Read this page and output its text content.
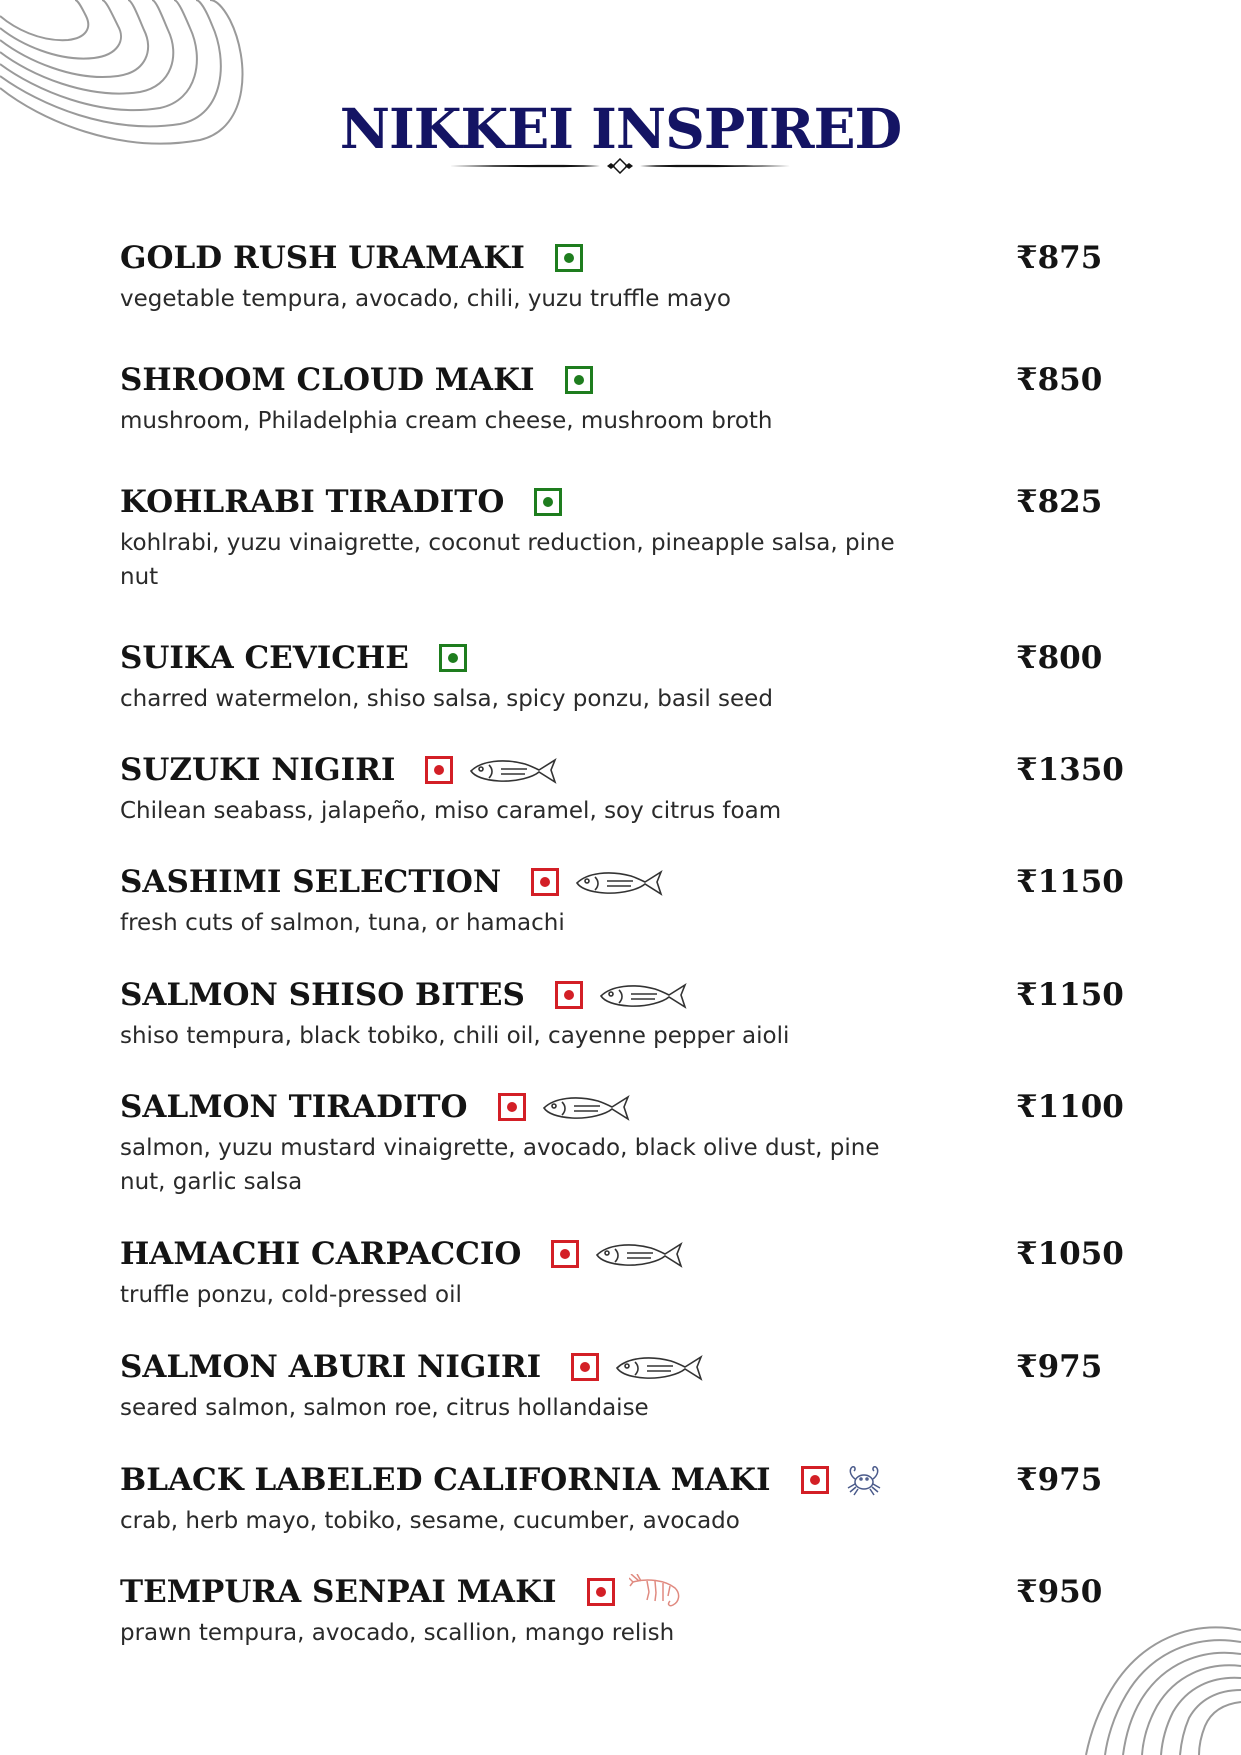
NIKKEI INSPIRED
GOLD RUSH URAMAKI
vegetable tempura, avocado, chili, yuzu truffle mayo
₹875
SHROOM CLOUD MAKI
mushroom, Philadelphia cream cheese, mushroom broth
₹850
KOHLRABI TIRADITO
kohlrabi, yuzu vinaigrette, coconut reduction, pineapple salsa, pine nut
₹825
SUIKA CEVICHE
charred watermelon, shiso salsa, spicy ponzu, basil seed
₹800
SUZUKI NIGIRI
Chilean seabass, jalapeño, miso caramel, soy citrus foam
₹1350
SASHIMI SELECTION
fresh cuts of salmon, tuna, or hamachi
₹1150
SALMON SHISO BITES
shiso tempura, black tobiko, chili oil, cayenne pepper aioli
₹1150
SALMON TIRADITO
salmon, yuzu mustard vinaigrette, avocado, black olive dust, pine nut, garlic salsa
₹1100
HAMACHI CARPACCIO
truffle ponzu, cold-pressed oil
₹1050
SALMON ABURI NIGIRI
seared salmon, salmon roe, citrus hollandaise
₹975
BLACK LABELED CALIFORNIA MAKI
crab, herb mayo, tobiko, sesame, cucumber, avocado
₹975
TEMPURA SENPAI MAKI
prawn tempura, avocado, scallion, mango relish
₹950
